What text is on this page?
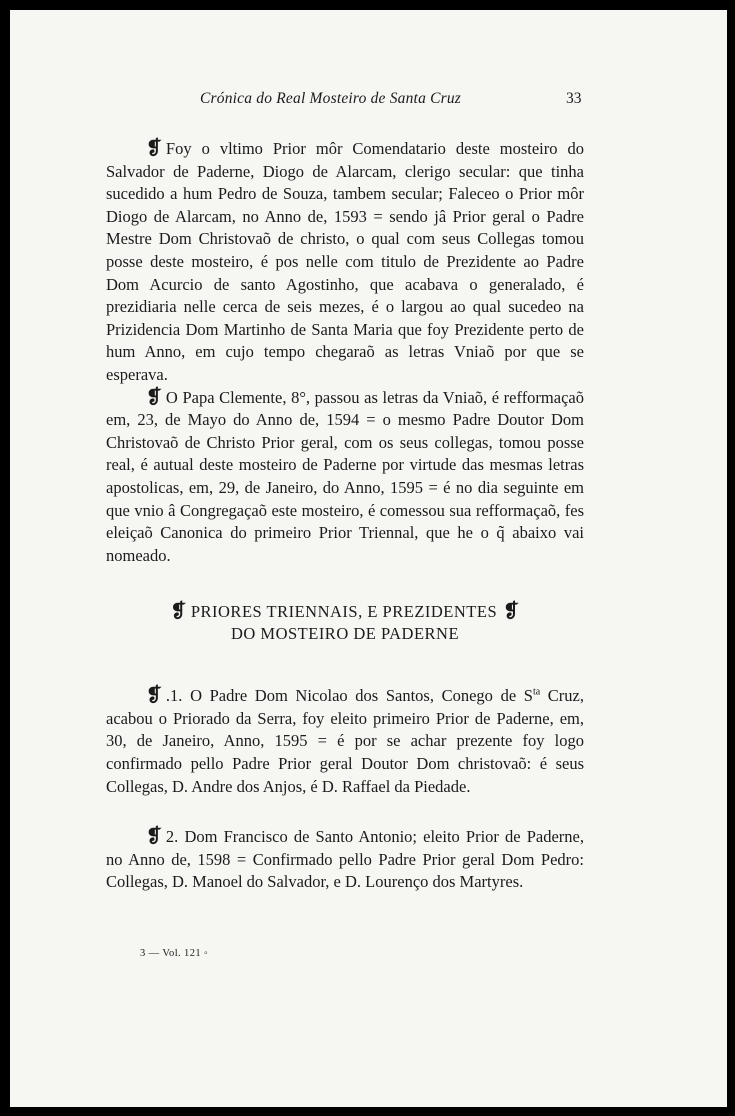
Crónica do Real Mosteiro de Santa Cruz	33

❡ Foy o vltimo Prior môr Comendatario deste mosteiro do Salvador de Paderne, Diogo de Alarcam, clerigo secular: que tinha sucedido a hum Pedro de Souza, tambem secular; Faleceo o Prior môr Diogo de Alarcam, no Anno de, 1593 = sendo jâ Prior geral o Padre Mestre Dom Christovaõ de christo, o qual com seus Collegas tomou posse deste mosteiro, é pos nelle com titulo de Prezidente ao Padre Dom Acurcio de santo Agostinho, que acabava o generalado, é prezidiaria nelle cerca de seis mezes, é o largou ao qual sucedeo na Prizidencia Dom Martinho de Santa Maria que foy Prezidente perto de hum Anno, em cujo tempo chegaraõ as letras Vniaõ por que se esperava.

❡ O Papa Clemente, 8°, passou as letras da Vniaõ, é refformaçaõ em, 23, de Mayo do Anno de, 1594 = o mesmo Padre Doutor Dom Christovaõ de Christo Prior geral, com os seus collegas, tomou posse real, é autual deste mosteiro de Paderne por virtude das mesmas letras apostolicas, em, 29, de Janeiro, do Anno, 1595 = é no dia seguinte em que vnio â Congregaçaõ este mosteiro, é comessou sua refformaçaõ, fes eleiçaõ Canonica do primeiro Prior Triennal, que he o q̃ abaixo vai nomeado.

❡ PRIORES TRIENNAIS, E PREZIDENTES ❡
DO MOSTEIRO DE PADERNE

❡ .1. O Padre Dom Nicolao dos Santos, Conego de $S^{ta}$ Cruz, acabou o Priorado da Serra, foy eleito primeiro Prior de Paderne, em, 30, de Janeiro, Anno, 1595 = é por se achar prezente foy logo confirmado pello Padre Prior geral Doutor Dom christovaõ: é seus Collegas, D. Andre dos Anjos, é D. Raffael da Piedade.

❡ 2. Dom Francisco de Santo Antonio; eleito Prior de Paderne, no Anno de, 1598 = Confirmado pello Padre Prior geral Dom Pedro: Collegas, D. Manoel do Salvador, e D. Lourenço dos Martyres.

3 — Vol. 121 ◦
